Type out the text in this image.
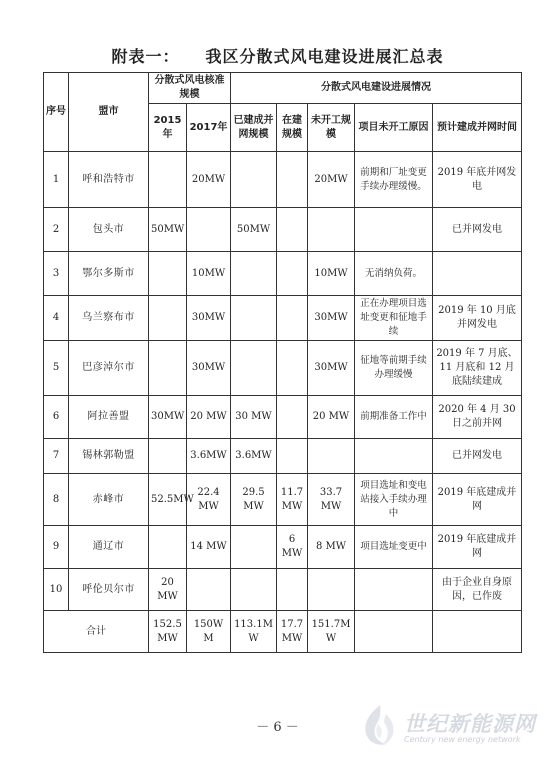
附表一： 我区分散式风电建设进展汇总表
序号	盟市	分散式风电核准规模		分散式风电建设进展情况				
		2015年	2017年	已建成并网规模	在建规模	未开工规模	项目未开工原因	预计建成并网时间
1	呼和浩特市		20MW			20MW	前期和厂址变更手续办理缓慢。	2019 年底并网发电
2	包头市	50MW		50MW				已并网发电
3	鄂尔多斯市		10MW			10MW	无消纳负荷。	
4	乌兰察布市		30MW			30MW	正在办理项目选址变更和征地手续	2019 年 10 月底并网发电
5	巴彦淖尔市		30MW			30MW	征地等前期手续办理缓慢	2019 年 7 月底、11 月底和 12 月底陆续建成
6	阿拉善盟	30MW	20 MW	30 MW		20 MW	前期准备工作中	2020 年 4 月 30 日之前并网
7	锡林郭勒盟		3.6MW	3.6MW				已并网发电
8	赤峰市	52.5MW	22.4 MW	29.5 MW	11.7 MW	33.7 MW	项目选址和变电站接入手续办理中	2019 年底建成并网
9	通辽市		14 MW		6 MW	8 MW	项目选址变更中	2019 年底建成并网
10	呼伦贝尔市	20 MW						由于企业自身原因，已作废
合计		152.5 MW	150W M	113.1M W	17.7 MW	151.7M W		
－ 6 －	世纪新能源网
Century new energy network
